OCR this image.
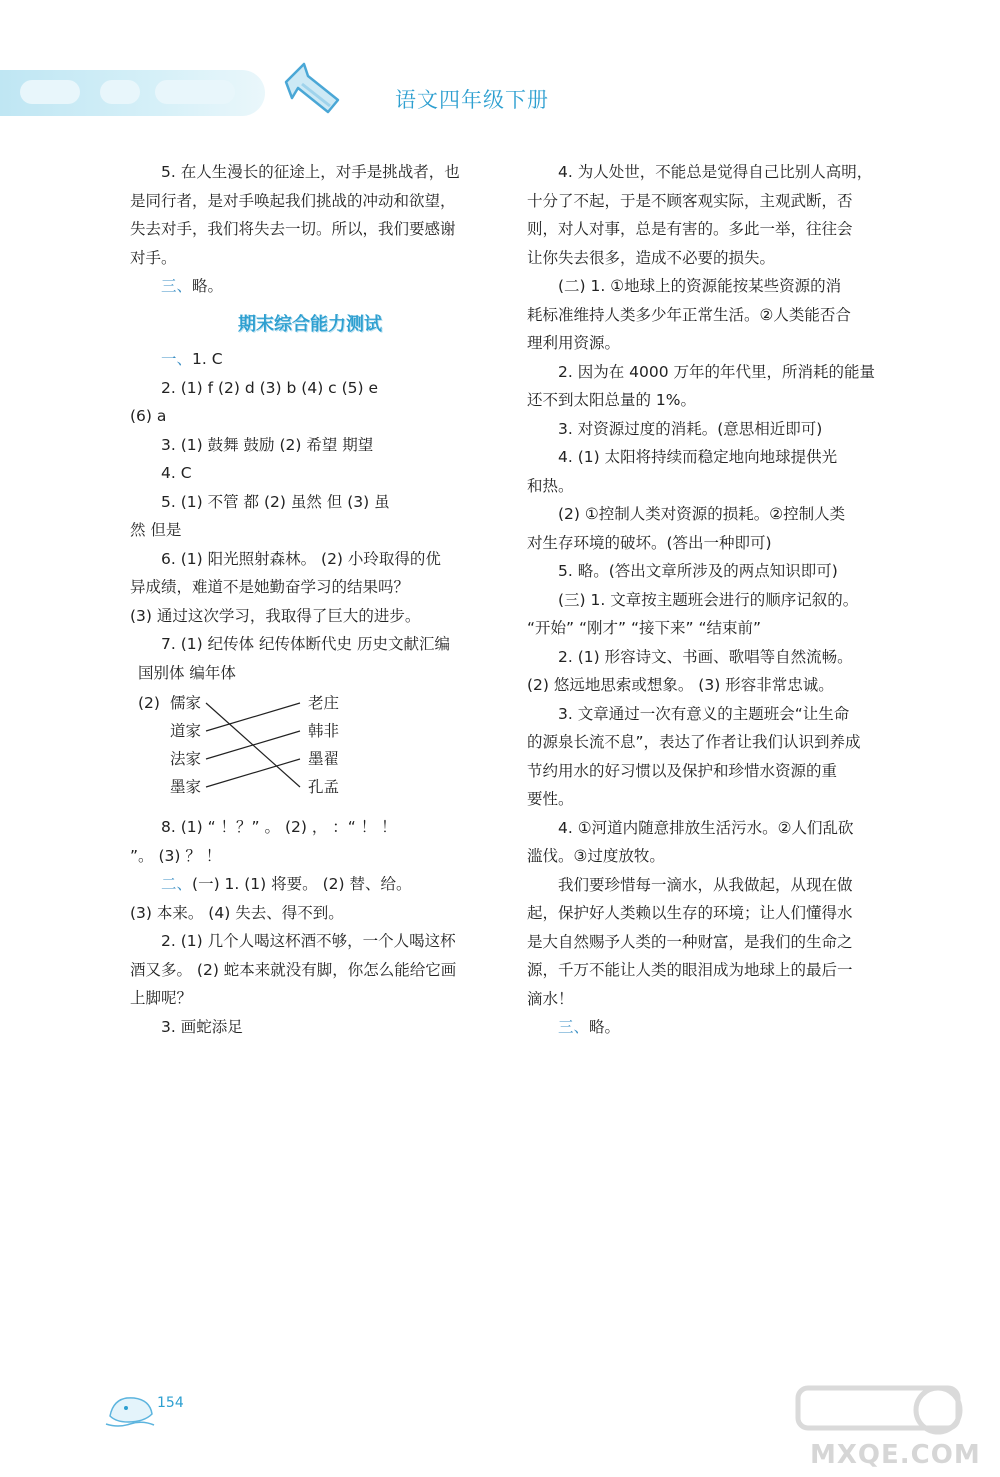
语文四年级下册

5. 在人生漫长的征途上，对手是挑战者，也

是同行者，是对手唤起我们挑战的冲动和欲望，

失去对手，我们将失去一切。所以，我们要感谢

对手。

三、略。

期末综合能力测试

一、1. C

2. (1) f (2) d (3) b (4) c (5) e

(6) a

3. (1) 鼓舞 鼓励 (2) 希望 期望

4. C

5. (1) 不管 都 (2) 虽然 但 (3) 虽

然 但是

6. (1) 阳光照射森林。 (2) 小玲取得的优

异成绩，难道不是她勤奋学习的结果吗？

(3) 通过这次学习，我取得了巨大的进步。

7. (1) 纪传体 纪传体断代史 历史文献汇编

国别体 编年体

(2) 儒家
道家
法家
墨家
老庄
韩非
墨翟
孔孟

8. (1) “ ！？” 。 (2) ， ：“ ！ ！

”。 (3) ？ ！

二、(一) 1. (1) 将要。 (2) 替、给。

(3) 本来。 (4) 失去、得不到。

2. (1) 几个人喝这杯酒不够，一个人喝这杯

酒又多。 (2) 蛇本来就没有脚，你怎么能给它画

上脚呢？

3. 画蛇添足

4. 为人处世，不能总是觉得自己比别人高明，

十分了不起，于是不顾客观实际，主观武断，否

则，对人对事，总是有害的。多此一举，往往会

让你失去很多，造成不必要的损失。

(二) 1. ①地球上的资源能按某些资源的消

耗标准维持人类多少年正常生活。②人类能否合

理利用资源。

2. 因为在 4000 万年的年代里，所消耗的能量

还不到太阳总量的 1%。

3. 对资源过度的消耗。(意思相近即可)

4. (1) 太阳将持续而稳定地向地球提供光

和热。

(2) ①控制人类对资源的损耗。②控制人类

对生存环境的破坏。(答出一种即可)

5. 略。(答出文章所涉及的两点知识即可)

(三) 1. 文章按主题班会进行的顺序记叙的。

“开始” “刚才” “接下来” “结束前”

2. (1) 形容诗文、书画、歌唱等自然流畅。

(2) 悠远地思索或想象。 (3) 形容非常忠诚。

3. 文章通过一次有意义的主题班会“让生命

的源泉长流不息”，表达了作者让我们认识到养成

节约用水的好习惯以及保护和珍惜水资源的重

要性。

4. ①河道内随意排放生活污水。②人们乱砍

滥伐。③过度放牧。

我们要珍惜每一滴水，从我做起，从现在做

起，保护好人类赖以生存的环境；让人们懂得水

是大自然赐予人类的一种财富，是我们的生命之

源，千万不能让人类的眼泪成为地球上的最后一

滴水！

三、略。

154
MXQE.COM
